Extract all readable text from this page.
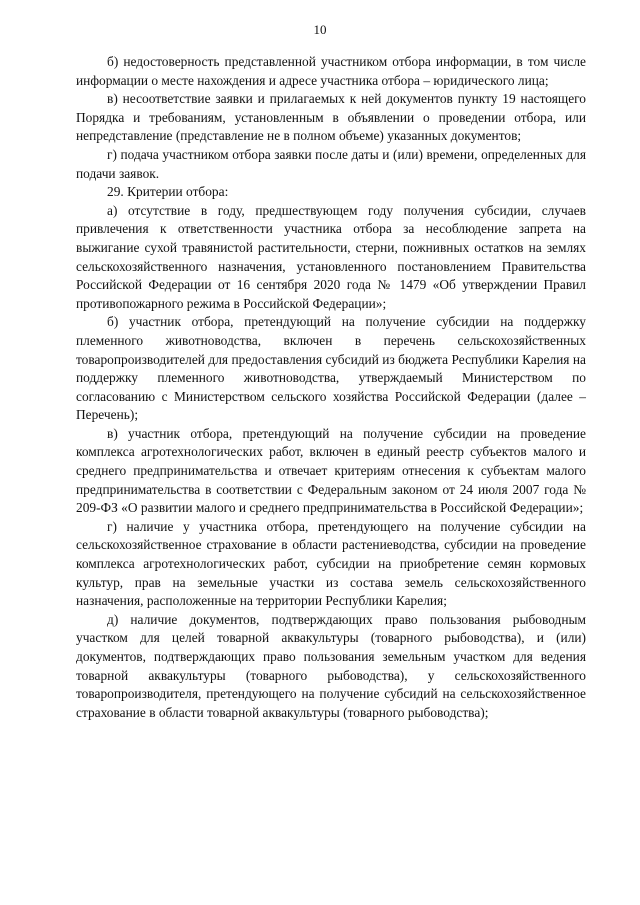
10

б) недостоверность представленной участником отбора информации, в том числе информации о месте нахождения и адресе участника отбора – юридического лица;

в) несоответствие заявки и прилагаемых к ней документов пункту 19 настоящего Порядка и требованиям, установленным в объявлении о проведении отбора, или непредставление (представление не в полном объеме) указанных документов;

г) подача участником отбора заявки после даты и (или) времени, определенных для подачи заявок.

29. Критерии отбора:

а) отсутствие в году, предшествующем году получения субсидии, случаев привлечения к ответственности участника отбора за несоблюдение запрета на выжигание сухой травянистой растительности, стерни, пожнивных остатков на землях сельскохозяйственного назначения, установленного постановлением Правительства Российской Федерации от 16 сентября 2020 года № 1479 «Об утверждении Правил противопожарного режима в Российской Федерации»;

б) участник отбора, претендующий на получение субсидии на поддержку племенного животноводства, включен в перечень сельскохозяйственных товаропроизводителей для предоставления субсидий из бюджета Республики Карелия на поддержку племенного животноводства, утверждаемый Министерством по согласованию с Министерством сельского хозяйства Российской Федерации (далее – Перечень);

в) участник отбора, претендующий на получение субсидии на проведение комплекса агротехнологических работ, включен в единый реестр субъектов малого и среднего предпринимательства и отвечает критериям отнесения к субъектам малого предпринимательства в соответствии с Федеральным законом от 24 июля 2007 года № 209-ФЗ «О развитии малого и среднего предпринимательства в Российской Федерации»;

г) наличие у участника отбора, претендующего на получение субсидии на сельскохозяйственное страхование в области растениеводства, субсидии на проведение комплекса агротехнологических работ, субсидии на приобретение семян кормовых культур, прав на земельные участки из состава земель сельскохозяйственного назначения, расположенные на территории Республики Карелия;

д) наличие документов, подтверждающих право пользования рыбоводным участком для целей товарной аквакультуры (товарного рыбоводства), и (или) документов, подтверждающих право пользования земельным участком для ведения товарной аквакультуры (товарного рыбоводства), у сельскохозяйственного товаропроизводителя, претендующего на получение субсидий на сельскохозяйственное страхование в области товарной аквакультуры (товарного рыбоводства);
